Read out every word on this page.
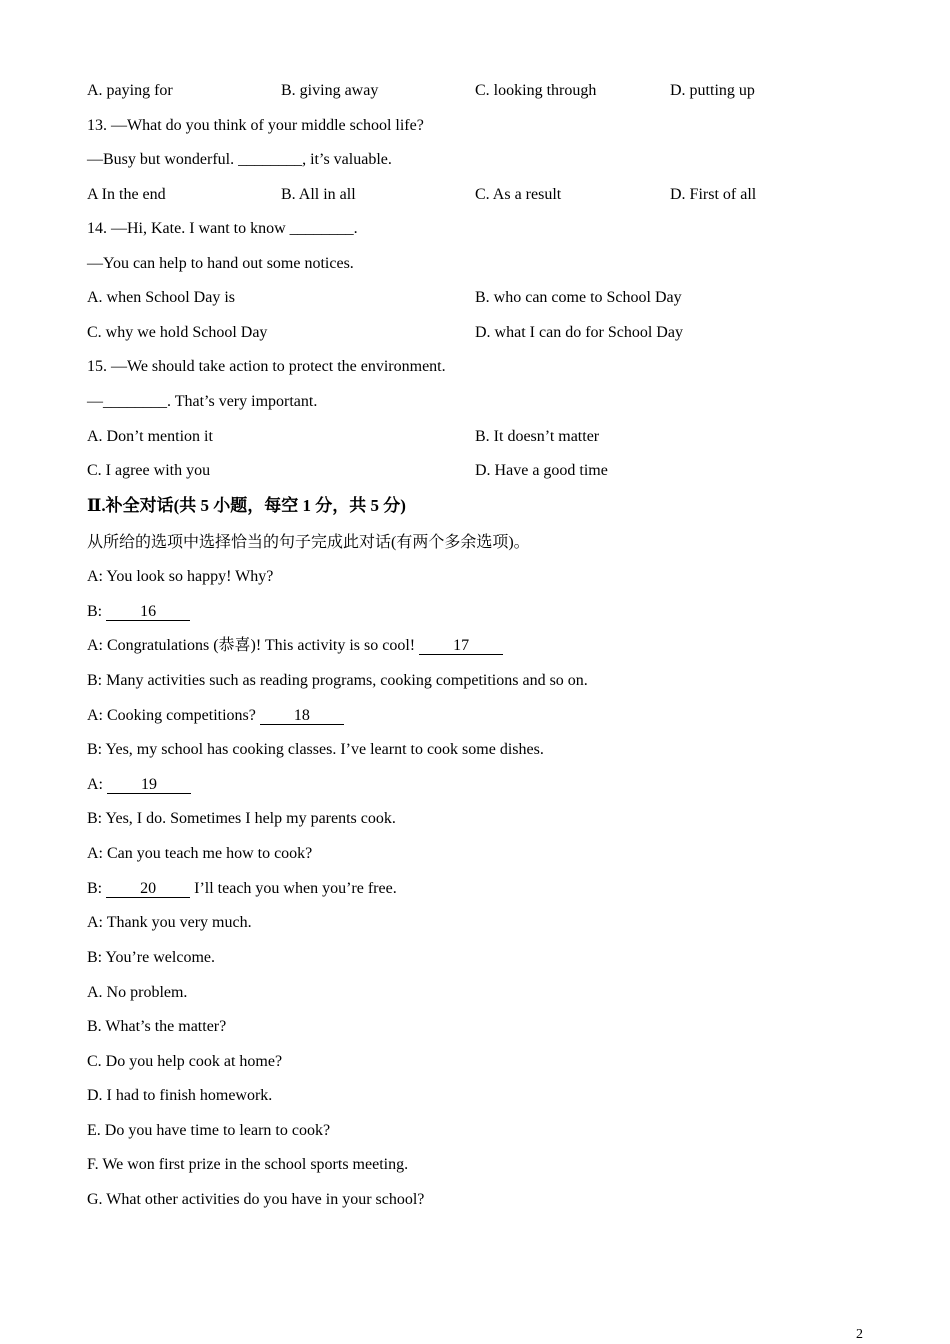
A. paying for	B. giving away	C. looking through	D. putting up
13. —What do you think of your middle school life?
—Busy but wonderful. ________, it’s valuable.
A In the end	B. All in all	C. As a result	D. First of all
14. —Hi, Kate. I want to know ________.
—You can help to hand out some notices.
A. when School Day is	B. who can come to School Day
C. why we hold School Day	D. what I can do for School Day
15. —We should take action to protect the environment.
—________. That’s very important.
A. Don’t mention it	B. It doesn’t matter
C. I agree with you	D. Have a good time
Ⅱ.补全对话(共 5 小题，每空 1 分，共 5 分)
从所给的选项中选择恰当的句子完成此对话(有两个多余选项)。
A: You look so happy! Why?
B: 16
A: Congratulations (恭喜)! This activity is so cool! 17
B: Many activities such as reading programs, cooking competitions and so on.
A: Cooking competitions? 18
B: Yes, my school has cooking classes. I’ve learnt to cook some dishes.
A: 19
B: Yes, I do. Sometimes I help my parents cook.
A: Can you teach me how to cook?
B: 20 I’ll teach you when you’re free.
A: Thank you very much.
B: You’re welcome.
A. No problem.
B. What’s the matter?
C. Do you help cook at home?
D. I had to finish homework.
E. Do you have time to learn to cook?
F. We won first prize in the school sports meeting.
G. What other activities do you have in your school?
2
